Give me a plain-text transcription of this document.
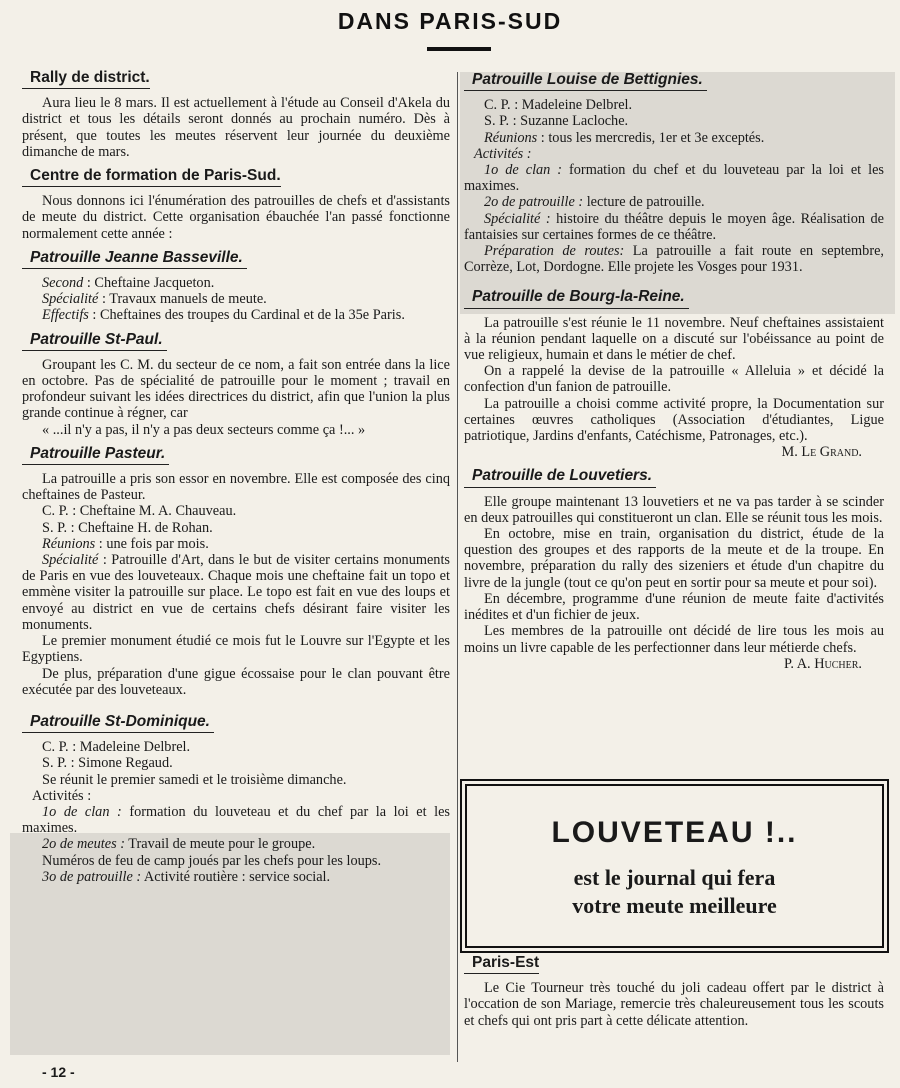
DANS PARIS-SUD
Rally de district.

Aura lieu le 8 mars. Il est actuellement à l'étude au Conseil d'Akela du district et tous les détails seront donnés au prochain numéro. Dès à présent, que toutes les meutes réservent leur journée du deuxième dimanche de mars.

Centre de formation de Paris-Sud.

Nous donnons ici l'énumération des patrouilles de chefs et d'assistants de meute du district. Cette organisation ébauchée l'an passé fonctionne normalement cette année :

Patrouille Jeanne Basseville.
Second : Cheftaine Jacqueton.
Spécialité : Travaux manuels de meute.

Effectifs : Cheftaines des troupes du Cardinal et de la 35e Paris.

Patrouille St-Paul.

Groupant les C. M. du secteur de ce nom, a fait son entrée dans la lice en octobre. Pas de spécialité de patrouille pour le moment ; travail en profondeur suivant les idées directrices du district, afin que l'union la plus grande continue à régner, car

« ...il n'y a pas, il n'y a pas deux secteurs comme ça !... »

Patrouille Pasteur.

La patrouille a pris son essor en novembre. Elle est composée des cinq cheftaines de Pasteur.

C. P. : Cheftaine M. A. Chauveau.
S. P. : Cheftaine H. de Rohan.
Réunions : une fois par mois.

Spécialité : Patrouille d'Art, dans le but de visiter certains monuments de Paris en vue des louveteaux. Chaque mois une cheftaine fait un topo et emmène visiter la patrouille sur place. Le topo est fait en vue des loups et envoyé au district en vue de certains chefs désirant faire visiter les monuments.

Le premier monument étudié ce mois fut le Louvre sur l'Egypte et les Egyptiens.

De plus, préparation d'une gigue écossaise pour le clan pouvant être exécutée par des louveteaux.

Patrouille St-Dominique.
C. P. : Madeleine Delbrel.
S. P. : Simone Regaud.
Se réunit le premier samedi et le troisième dimanche.
Activités :

1o de clan : formation du louveteau et du chef par la loi et les maximes.

2o de meutes : Travail de meute pour le groupe.

Numéros de feu de camp joués par les chefs pour les loups.

3o de patrouille : Activité routière : service social.

Patrouille Louise de Bettignies.
C. P. : Madeleine Delbrel.
S. P. : Suzanne Lacloche.
Réunions : tous les mercredis, 1er et 3e exceptés.
Activités :

1o de clan : formation du chef et du louveteau par la loi et les maximes.

2o de patrouille : lecture de patrouille.

Spécialité : histoire du théâtre depuis le moyen âge. Réalisation de fantaisies sur certaines formes de ce théâtre.

Préparation de routes: La patrouille a fait route en septembre, Corrèze, Lot, Dordogne. Elle projete les Vosges pour 1931.

Patrouille de Bourg-la-Reine.

La patrouille s'est réunie le 11 novembre. Neuf cheftaines assistaient à la réunion pendant laquelle on a discuté sur l'obéissance au point de vue religieux, humain et dans le métier de chef.

On a rappelé la devise de la patrouille « Alleluia » et décidé la confection d'un fanion de patrouille.

La patrouille a choisi comme activité propre, la Documentation sur certaines œuvres catholiques (Association d'étudiantes, Ligue patriotique, Jardins d'enfants, Catéchisme, Patronages, etc.).

M. Le Grand.
Patrouille de Louvetiers.

Elle groupe maintenant 13 louvetiers et ne va pas tarder à se scinder en deux patrouilles qui constitueront un clan. Elle se réunit tous les mois.

En octobre, mise en train, organisation du district, étude de la question des groupes et des rapports de la meute et de la troupe. En novembre, préparation du rally des sizeniers et étude d'un chapitre du livre de la jungle (tout ce qu'on peut en sortir pour sa meute et pour soi).

En décembre, programme d'une réunion de meute faite d'activités inédites et d'un fichier de jeux.

Les membres de la patrouille ont décidé de lire tous les mois au moins un livre capable de les perfectionner dans leur métierde chefs.

P. A. Hucher.
LOUVETEAU !..
est le journal qui fera
votre meute meilleure
Paris-Est

Le Cie Tourneur très touché du joli cadeau offert par le district à l'occation de son Mariage, remercie très chaleureusement tous les scouts et chefs qui ont pris part à cette délicate attention.

- 12 -
